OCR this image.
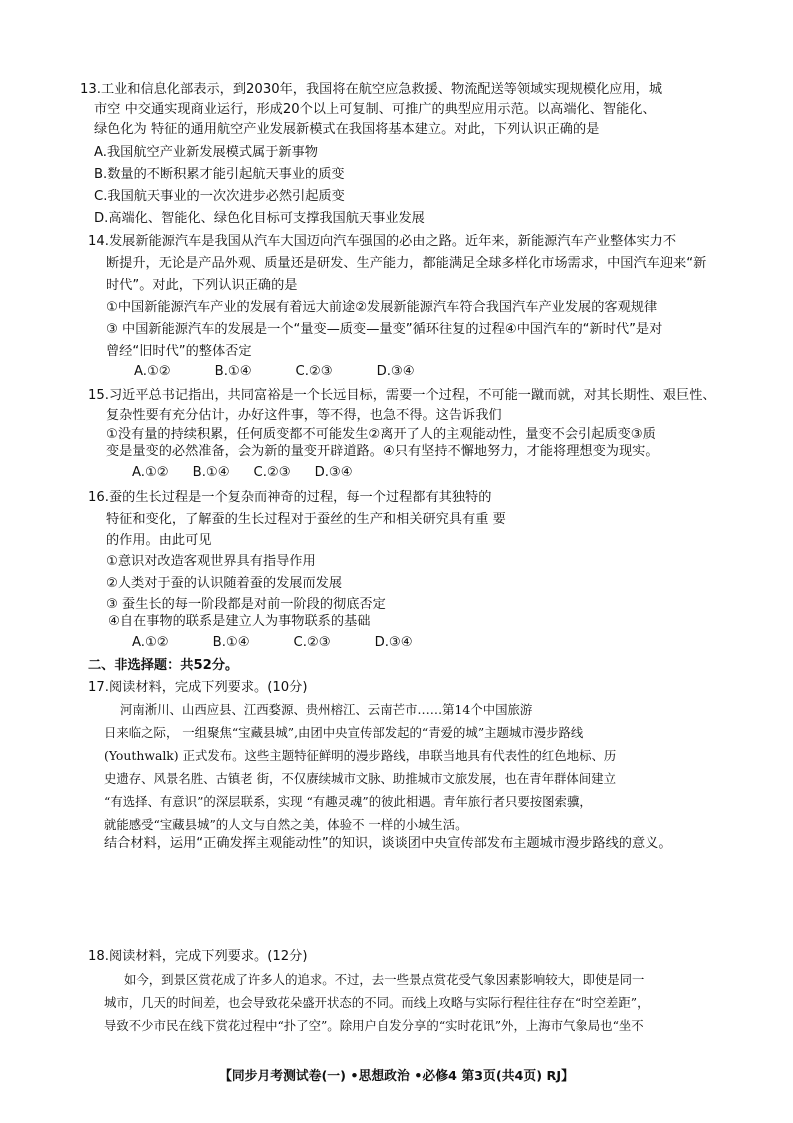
13.工业和信息化部表示，到2030年，我国将在航空应急救援、物流配送等领域实现规模化应用，城
市空 中交通实现商业运行，形成20个以上可复制、可推广的典型应用示范。以高端化、智能化、
绿色化为 特征的通用航空产业发展新模式在我国将基本建立。对此，下列认识正确的是
A.我国航空产业新发展模式属于新事物
B.数量的不断积累才能引起航天事业的质变
C.我国航天事业的一次次进步必然引起质变
D.高端化、智能化、绿色化目标可支撑我国航天事业发展
14.发展新能源汽车是我国从汽车大国迈向汽车强国的必由之路。近年来，新能源汽车产业整体实力不
断提升，无论是产品外观、质量还是研发、生产能力，都能满足全球多样化市场需求，中国汽车迎来“新
时代”。对此，下列认识正确的是
①中国新能源汽车产业的发展有着远大前途②发展新能源汽车符合我国汽车产业发展的客观规律
③ 中国新能源汽车的发展是一个“量变—质变—量变”循环往复的过程④中国汽车的“新时代”是对
曾经“旧时代”的整体否定
A.①②	B.①④	C.②③	D.③④
15.习近平总书记指出，共同富裕是一个长远目标，需要一个过程，不可能一蹴而就，对其长期性、艰巨性、
复杂性要有充分估计，办好这件事，等不得，也急不得。这告诉我们
①没有量的持续积累，任何质变都不可能发生②离开了人的主观能动性，量变不会引起质变③质
变是量变的必然准备，会为新的量变开辟道路。④只有坚持不懈地努力，才能将理想变为现实。
A.①② B.①④ C.②③ D.③④
16.蚕的生长过程是一个复杂而神奇的过程，每一个过程都有其独特的
特征和变化，了解蚕的生长过程对于蚕丝的生产和相关研究具有重 要
的作用。由此可见
①意识对改造客观世界具有指导作用
②人类对于蚕的认识随着蚕的发展而发展
③ 蚕生长的每一阶段都是对前一阶段的彻底否定
④自在事物的联系是建立人为事物联系的基础
A.①②	B.①④	C.②③	D.③④
二、非选择题：共52分。
17.阅读材料，完成下列要求。(10分)
河南淅川、山西应县、江西婺源、贵州榕江、云南芒市……第14个中国旅游
日来临之际， 一组聚焦“宝藏县城”,由团中央宣传部发起的“青爱的城”主题城市漫步路线
(Youthwalk) 正式发布。这些主题特征鲜明的漫步路线，串联当地具有代表性的红色地标、历
史遗存、风景名胜、古镇老 街，不仅赓续城市文脉、助推城市文旅发展，也在青年群体间建立
“有选择、有意识”的深层联系，实现 “有趣灵魂”的彼此相遇。青年旅行者只要按图索骥，
就能感受“宝藏县城”的人文与自然之美，体验不 一样的小城生活。
结合材料，运用“正确发挥主观能动性”的知识，谈谈团中央宣传部发布主题城市漫步路线的意义。
18.阅读材料，完成下列要求。(12分)
如今，到景区赏花成了许多人的追求。不过，去一些景点赏花受气象因素影响较大，即使是同一
城市，几天的时间差，也会导致花朵盛开状态的不同。而线上攻略与实际行程往往存在“时空差距”，
导致不少市民在线下赏花过程中“扑了空”。除用户自发分享的“实时花讯”外，上海市气象局也“坐不
【同步月考测试卷(一) •思想政治 •必修4 第3页(共4页) RJ】
